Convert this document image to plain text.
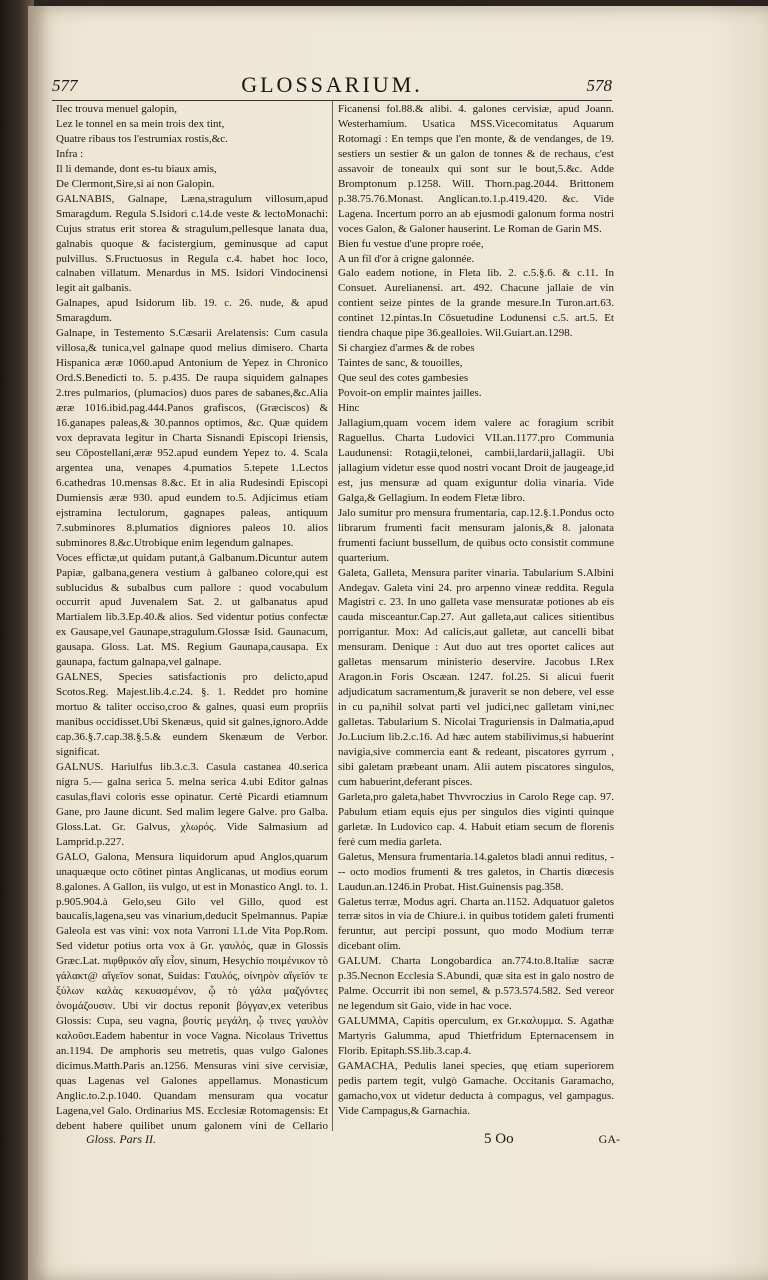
577	GLOSSARIUM.	578

Ilec trouva menuel galopin,

Lez le tonnel en sa mein trois dex tint,

Quatre ribaus tos l'estrumiax rostis,&c.

Infra :

Il li demande, dont es-tu biaux amis,

De Clermont,Sire,si ai non Galopin.

GALNABIS, Galnape, Læna,stragulum villosum,apud Smaragdum. Regula S.Isidori c.14.de veste & lectoMonachi: Cujus stratus erit storea & stragulum,pellesque lanata dua, galnabis quoque & facistergium, geminusque ad caput pulvillus. S.Fructuosus in Regula c.4. habet hoc loco, calnaben villatum. Menardus in MS. Isidori Vindocinensi legit ait galbanis.

Galnapes, apud Isidorum lib. 19. c. 26. nude, & apud Smaragdum.

Galnape, in Testemento S.Cæsarii Arelatensis: Cum casula villosa,& tunica,vel galnape quod melius dimisero. Charta Hispanica æræ 1060.apud Antonium de Yepez in Chronico Ord.S.Benedicti to. 5. p.435. De raupa siquidem galnapes 2.tres pulmarios, (plumacios) duos pares de sabanes,&c.Alia æræ 1016.ibid.pag.444.Panos grafiscos, (Græciscos) & 16.ganapes paleas,& 30.pannos optimos, &c. Quæ quidem vox depravata legitur in Charta Sisnandi Episcopi Iriensis, seu Cōpostellani,æræ 952.apud eundem Yepez to. 4. Scala argentea una, venapes 4.pumatios 5.tepete 1.Lectos 6.cathedras 10.mensas 8.&c. Et in alia Rudesindi Episcopi Dumiensis æræ 930. apud eundem to.5. Adjicimus etiam ejstramina lectulorum, gagnapes paleas, antiquum 7.subminores 8.plumatios digniores paleos 10. alios subminores 8.&c.Utrobique enim legendum galnapes.

Voces effictæ,ut quidam putant,à Galbanum.Dicuntur autem Papiæ, galbana,genera vestium à galbaneo colore,qui est sublucidus & subalbus cum pallore : quod vocabulum occurrit apud Juvenalem Sat. 2. ut galbanatus apud Martialem lib.3.Ep.40.& alios. Sed videntur potius confectæ ex Gausape,vel Gaunape,stragulum.Glossæ Isid. Gaunacum, gausapa. Gloss. Lat. MS. Regium Gaunapa,causapa. Ex gaunapa, factum galnapa,vel galnape.

GALNES, Species satisfactionis pro delicto,apud Scotos.Reg. Majest.lib.4.c.24. §. 1. Reddet pro homine mortuo & taliter occiso,croo & galnes, quasi eum propriis manibus occidisset.Ubi Skenæus, quid sit galnes,ignoro.Adde cap.36.§.7.cap.38.§.5.& eundem Skenæum de Verbor. significat.

GALNUS. Hariulfus lib.3.c.3. Casula castanea 40.serica nigra 5.— galna serica 5. melna serica 4.ubi Editor galnas casulas,flavi coloris esse opinatur. Certè Picardi etiamnum Gane, pro Jaune dicunt. Sed malim legere Galve. pro Galba. Gloss.Lat. Gr. Galvus, χλωρός. Vide Salmasium ad Lamprid.p.227.

GALO, Galona, Mensura liquidorum apud Anglos,quarum unaquæque octo cōtinet pintas Anglicanas, ut modius eorum 8.galones. A Gallon, iis vulgo, ut est in Monastico Angl. to. 1. p.905.904.à Gelo,seu Gilo vel Gillo, quod est baucalis,lagena,seu vas vinarium,deducit Spelmannus. Papiæ Galeola est vas vini: vox nota Varroni l.1.de Vita Pop.Rom. Sed videtur potius orta vox à Gr. γαυλός, quæ in Glossis Græc.Lat. πιφθρικόν αἴγ εἶον, sinum, Hesychio ποιμένικον τὸ γάλακτ@ αἴγεῖον sonat, Suidas: Γαυλός, οἰνηρὸν αἴγεῖόν τε ξύλων καλὰς κεκυασμένον, ᾧ τὸ γάλα μαζγόντες ὀνομάζουσιν. Ubi vir doctus reponit βόγγαν,ex veteribus Glossis: Cupa, seu vagna, βουτίς μεγάλη, ᾧ τινες γαυλὸν καλοῦσι.Eadem habentur in voce Vagna. Nicolaus Trivettus an.1194. De amphoris seu metretis, quas vulgo Galones dicimus.Matth.Paris an.1256. Mensuras vini sive cervisiæ, quas Lagenas vel Galones appellamus. Monasticum Anglic.to.2.p.1040. Quandam mensuram qua vocatur Lagena,vel Galo. Ordinarius MS. Ecclesiæ Rotomagensis: Et debent habere quilibet unum galonem vini de Cellario

Ficanensi fol.88.& alibi. 4. galones cervisiæ, apud Joann. Westerhamium. Usatica MSS.Vicecomitatus Aquarum Rotomagi : En temps que l'en monte, & de vendanges, de 19. sestiers un sestier & un galon de tonnes & de rechaus, c'est assavoir de toneaulx qui sont sur le bout,5.&c. Adde Bromptonum p.1258. Will. Thorn.pag.2044. Brittonem p.38.75.76.Monast. Anglican.to.1.p.419.420. &c. Vide Lagena. Incertum porro an ab ejusmodi galonum forma nostri voces Galon, & Galoner hauserint. Le Roman de Garin MS.

Bien fu vestue d'une propre roée,

A un fil d'or à crigne galonnée.

Galo eadem notione, in Fleta lib. 2. c.5.§.6. & c.11. In Consuet. Aurelianensi. art. 492. Chacune jallaie de vin contient seize pintes de la grande mesure.In Turon.art.63. continet 12.pintas.In Cōsuetudine Lodunensi c.5. art.5. Et tiendra chaque pipe 36.gealloies. Wil.Guiart.an.1298.

Si chargiez d'armes & de robes

Taintes de sanc, & touoilles,

Que seul des cotes gambesies

Povoit-on emplir maintes jailles.

Hinc

Jallagium,quam vocem idem valere ac foragium scribit Raguellus. Charta Ludovici VII.an.1177.pro Communia Laudunensi: Rotagii,telonei, cambii,lardarii,jallagii. Ubi jallagium videtur esse quod nostri vocant Droit de jaugeage,id est, jus mensuræ ad quam exiguntur dolia vinaria. Vide Galga,& Gellagium. In eodem Fletæ libro.

Jalo sumitur pro mensura frumentaria, cap.12.§.1.Pondus octo librarum frumenti facit mensuram jalonis,& 8. jalonata frumenti faciunt bussellum, de quibus octo consistit commune quarterium.

Galeta, Galleta, Mensura pariter vinaria. Tabularium S.Albini Andegav. Galeta vini 24. pro arpenno vineæ reddita. Regula Magistri c. 23. In uno galleta vase mensuratæ potiones ab eis cauda misceantur.Cap.27. Aut galleta,aut calices sitientibus porrigantur. Mox: Ad calicis,aut galletæ, aut cancelli bibat mensuram. Denique : Aut duo aut tres oportet calices aut galletas mensarum ministerio deservire. Jacobus I.Rex Aragon.in Foris Oscæan. 1247. fol.25. Si alicui fuerit adjudicatum sacramentum,& juraverit se non debere, vel esse in cu pa,nihil solvat parti vel judici,nec galletam vini,nec galletas. Tabularium S. Nicolai Traguriensis in Dalmatia,apud Jo.Lucium lib.2.c.16. Ad hæc autem stabilivimus,si habuerint navigia,sive commercia eant & redeant, piscatores gyrrum , sibi galetam præbeant unam. Alii autem piscatores singulos, cum habuerint,deferant pisces.

Garleta,pro galeta,habet Thvvroczius in Carolo Rege cap. 97. Pabulum etiam equis ejus per singulos dies viginti quinque garletæ. In Ludovico cap. 4. Habuit etiam secum de florenis ferè cum media garleta.

Galetus, Mensura frumentaria.14.galetos bladi annui reditus, --- octo modios frumenti & tres galetos, in Chartis diœcesis Laudun.an.1246.in Probat. Hist.Guinensis pag.358.

Galetus terræ, Modus agri. Charta an.1152. Adquatuor galetos terræ sitos in via de Chiure.i. in quibus totidem galeti frumenti feruntur, aut percipi possunt, quo modo Modium terræ dicebant olim.

GALUM. Charta Longobardica an.774.to.8.Italiæ sacræ p.35.Necnon Ecclesia S.Abundi, quæ sita est in galo nostro de Palme. Occurrit ibi non semel, & p.573.574.582. Sed vereor ne legendum sit Gaio, vide in hac voce.

GALUMMA, Capitis operculum, ex Gr.καλυμμα. S. Agathæ Martyris Galumma, apud Thietfridum Epternacensem in Florib. Epitaph.SS.lib.3.cap.4.

GAMACHA, Pedulis lanei species, quę etiam superiorem pedis partem tegit, vulgò Gamache. Occitanis Garamacho, gamacho,vox ut videtur deducta à compagus, vel gampagus. Vide Campagus,& Garnachia.

Gloss. Pars II.	5 Oo	GA-
